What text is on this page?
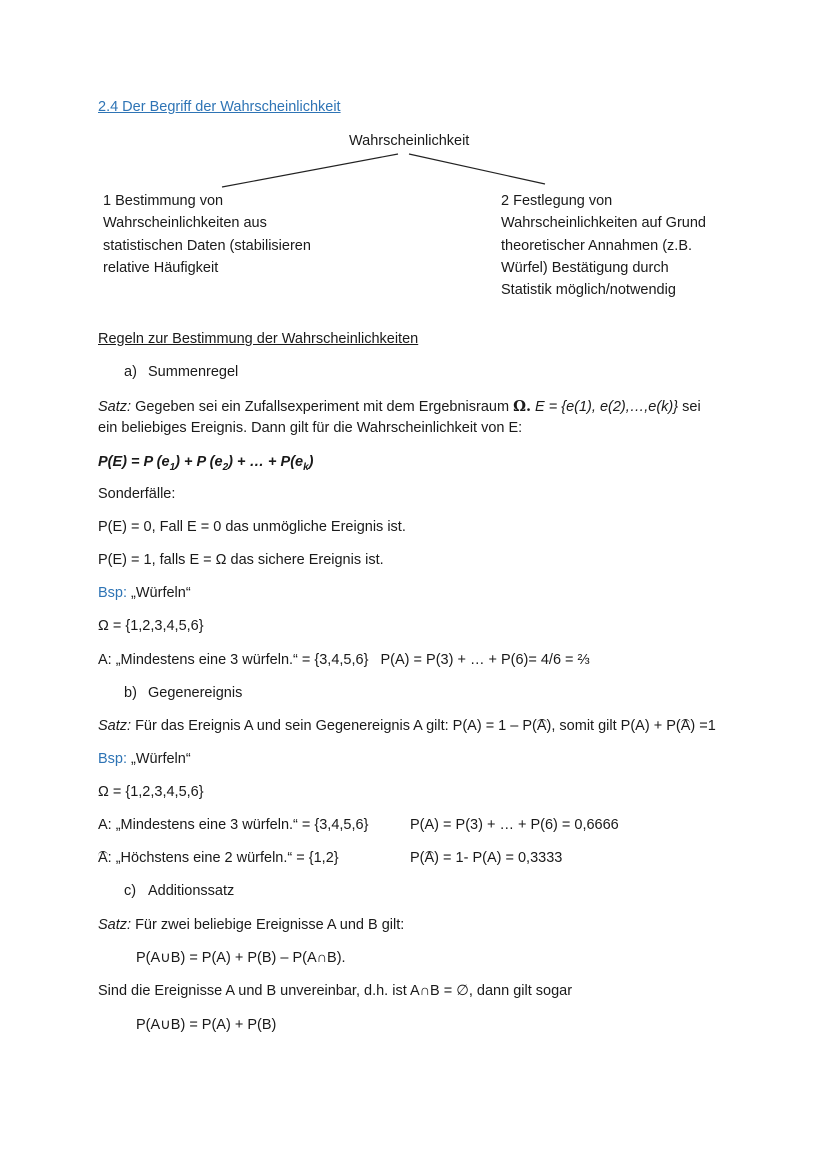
2.4 Der Begriff der Wahrscheinlichkeit
Wahrscheinlichkeit
1 Bestimmung von
Wahrscheinlichkeiten aus
statistischen Daten (stabilisieren
relative Häufigkeit
2 Festlegung von
Wahrscheinlichkeiten auf Grund
theoretischer Annahmen (z.B.
Würfel) Bestätigung durch
Statistik möglich/notwendig
Regeln zur Bestimmung der Wahrscheinlichkeiten
a) Summenregel
Satz: Gegeben sei ein Zufallsexperiment mit dem Ergebnisraum Ω. E = {e(1), e(2),…,e(k)} sei
ein beliebiges Ereignis. Dann gilt für die Wahrscheinlichkeit von E:
P(E) = P $(e_1) + P$ $(e_2)$ + … + $P(e_k)$
Sonderfälle:
P(E) = 0, Fall E = 0 das unmögliche Ereignis ist.
P(E) = 1, falls E = Ω das sichere Ereignis ist.
Bsp: „Würfeln“
Ω = {1,2,3,4,5,6}
A: „Mindestens eine 3 würfeln.“ = {3,4,5,6}   P(A) = P(3) + … + P(6)= 4/6 = ⅔
b) Gegenereignis
Satz: Für das Ereignis A und sein Gegenereignis A gilt: P(A) = 1 – P(A), somit gilt P(A) + P(A) =1
Bsp: „Würfeln“
Ω = {1,2,3,4,5,6}
A: „Mindestens eine 3 würfeln.“ = {3,4,5,6}	P(A) = P(3) + … + P(6) = 0,6666
A: „Höchstens eine 2 würfeln.“ = {1,2}	P(A) = 1- P(A) = 0,3333
c) Additionssatz
Satz: Für zwei beliebige Ereignisse A und B gilt:
P(A∪B) = P(A) + P(B) – P(A∩B).
Sind die Ereignisse A und B unvereinbar, d.h. ist A∩B = ∅, dann gilt sogar
P(A∪B) = P(A) + P(B)
